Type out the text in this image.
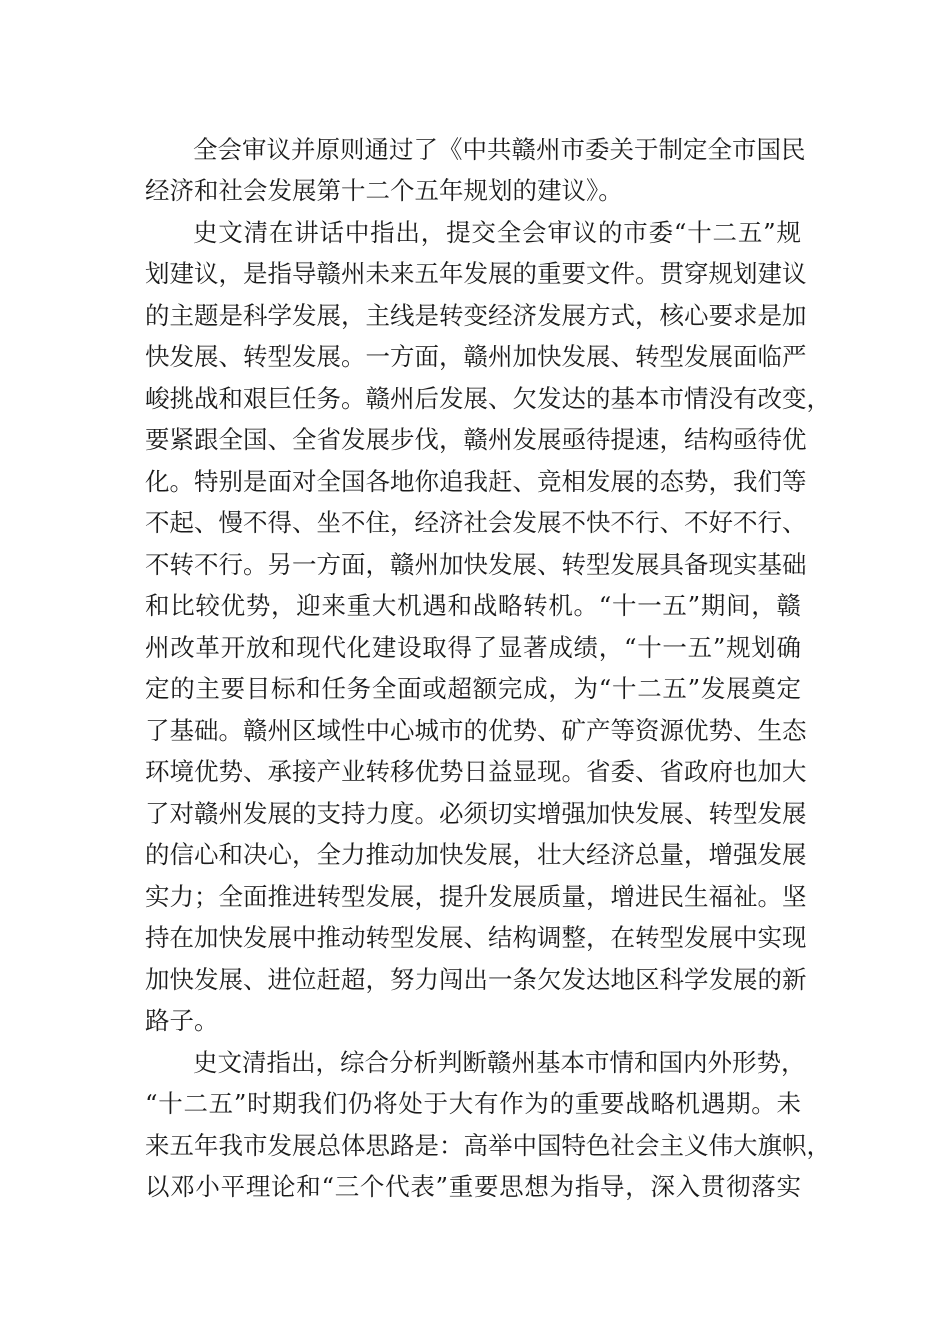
全会审议并原则通过了《中共赣州市委关于制定全市国民
经济和社会发展第十二个五年规划的建议》。
史文清在讲话中指出，提交全会审议的市委“十二五”规
划建议，是指导赣州未来五年发展的重要文件。贯穿规划建议
的主题是科学发展，主线是转变经济发展方式，核心要求是加
快发展、转型发展。一方面，赣州加快发展、转型发展面临严
峻挑战和艰巨任务。赣州后发展、欠发达的基本市情没有改变，
要紧跟全国、全省发展步伐，赣州发展亟待提速，结构亟待优
化。特别是面对全国各地你追我赶、竞相发展的态势，我们等
不起、慢不得、坐不住，经济社会发展不快不行、不好不行、
不转不行。另一方面，赣州加快发展、转型发展具备现实基础
和比较优势，迎来重大机遇和战略转机。“十一五”期间，赣
州改革开放和现代化建设取得了显著成绩，“十一五”规划确
定的主要目标和任务全面或超额完成，为“十二五”发展奠定
了基础。赣州区域性中心城市的优势、矿产等资源优势、生态
环境优势、承接产业转移优势日益显现。省委、省政府也加大
了对赣州发展的支持力度。必须切实增强加快发展、转型发展
的信心和决心，全力推动加快发展，壮大经济总量，增强发展
实力；全面推进转型发展，提升发展质量，增进民生福祉。坚
持在加快发展中推动转型发展、结构调整，在转型发展中实现
加快发展、进位赶超，努力闯出一条欠发达地区科学发展的新
路子。
史文清指出，综合分析判断赣州基本市情和国内外形势，
“十二五”时期我们仍将处于大有作为的重要战略机遇期。未
来五年我市发展总体思路是：高举中国特色社会主义伟大旗帜，
以邓小平理论和“三个代表”重要思想为指导，深入贯彻落实
